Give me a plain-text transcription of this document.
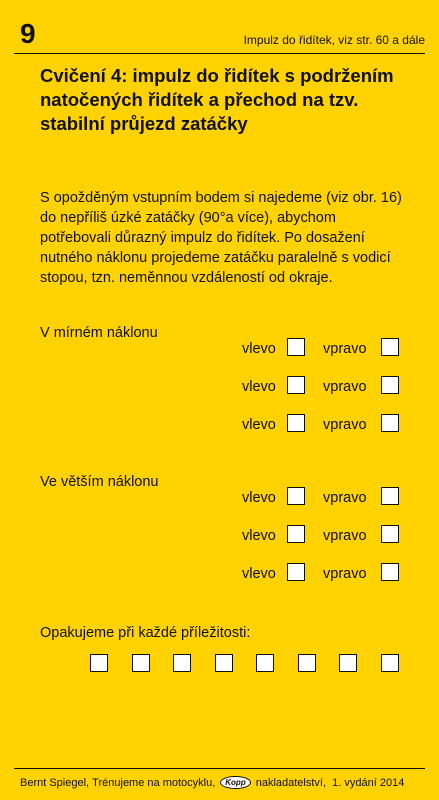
9	Impulz do řidítek, viz str. 60 a dále
Cvičení 4: impulz do řidítek s podržením natočených řidítek a přechod na tzv. stabilní průjezd zatáčky

S opožděným vstupním bodem si najedeme (viz obr. 16) do nepříliš úzké zatáčky (90°a více), abychom potřebovali důrazný impulz do řidítek. Po dosažení nutného náklonu projedeme zatáčku paralelně s vodicí stopou, tzn. neměnnou vzdáleností od okraje.

V mírném náklonu
vlevo	vpravo
vlevo	vpravo
vlevo	vpravo
Ve větším náklonu
vlevo	vpravo
vlevo	vpravo
vlevo	vpravo
Opakujeme při každé příležitosti:
Bernt Spiegel,
Trénujeme na motocyklu,	Kopp nakladatelství,
1. vydání 2014
